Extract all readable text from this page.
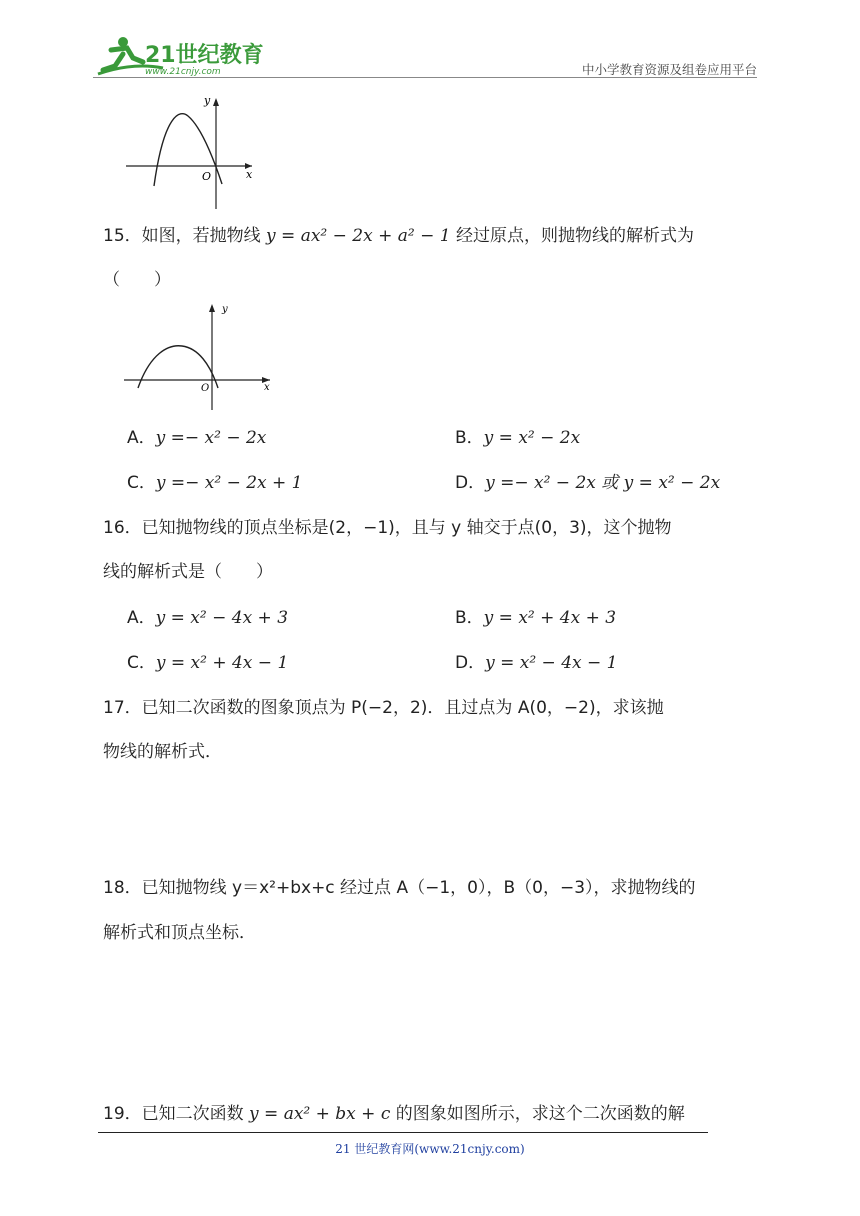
21世纪教育
www.21cnjy.com	中小学教育资源及组卷应用平台
y
x
O
15．如图，若抛物线 y = ax² − 2x + a² − 1 经过原点，则抛物线的解析式为
（　　）
y
x
O
A．y =− x² − 2x	B．y = x² − 2x
C．y =− x² − 2x + 1	D．y =− x² − 2x 或 y = x² − 2x
16．已知抛物线的顶点坐标是(2，−1)，且与 y 轴交于点(0，3)，这个抛物
线的解析式是（　　）
A．y = x² − 4x + 3	B．y = x² + 4x + 3
C．y = x² + 4x − 1	D．y = x² − 4x − 1
17．已知二次函数的图象顶点为 P(−2，2)．且过点为 A(0，−2)，求该抛
物线的解析式．
18．已知抛物线 y＝x²+bx+c 经过点 A（−1，0），B（0，−3），求抛物线的
解析式和顶点坐标．
19．已知二次函数 y = ax² + bx + c 的图象如图所示，求这个二次函数的解
21 世纪教育网(www.21cnjy.com)
